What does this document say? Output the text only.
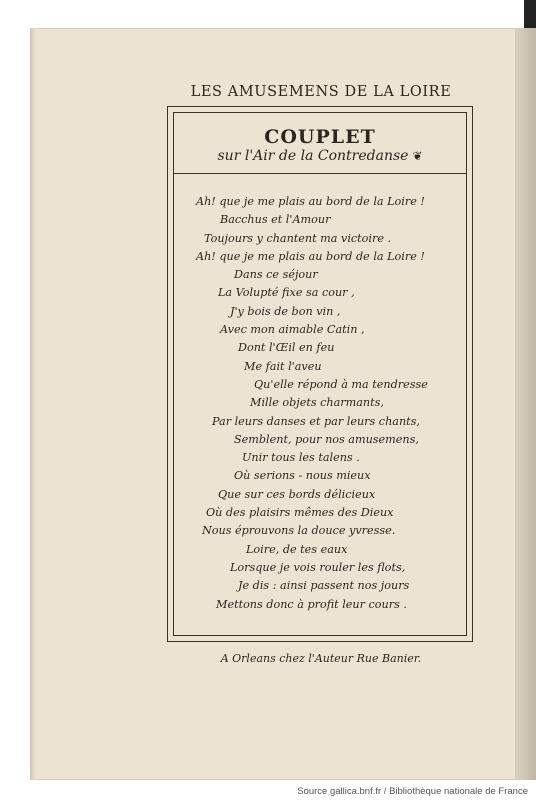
LES AMUSEMENS DE LA LOIRE
COUPLET
sur l'Air de la Contredanse ❦
Ah! que je me plais au bord de la Loire !
Bacchus et l'Amour
Toujours y chantent ma victoire .
Ah! que je me plais au bord de la Loire !
Dans ce séjour
La Volupté fixe sa cour ,
J'y bois de bon vin ,
Avec mon aimable Catin ,
Dont l'Œil en feu
Me fait l'aveu
Qu'elle répond à ma tendresse
Mille objets charmants,
Par leurs danses et par leurs chants,
Semblent, pour nos amusemens,
Unir tous les talens .
Où serions - nous mieux
Que sur ces bords délicieux
Où des plaisirs mêmes des Dieux
Nous éprouvons la douce yvresse.
Loire, de tes eaux
Lorsque je vois rouler les flots,
Je dis : ainsi passent nos jours
Mettons donc à profit leur cours .
A Orleans chez l'Auteur Rue Banier.
Source gallica.bnf.fr / Bibliothèque nationale de France
